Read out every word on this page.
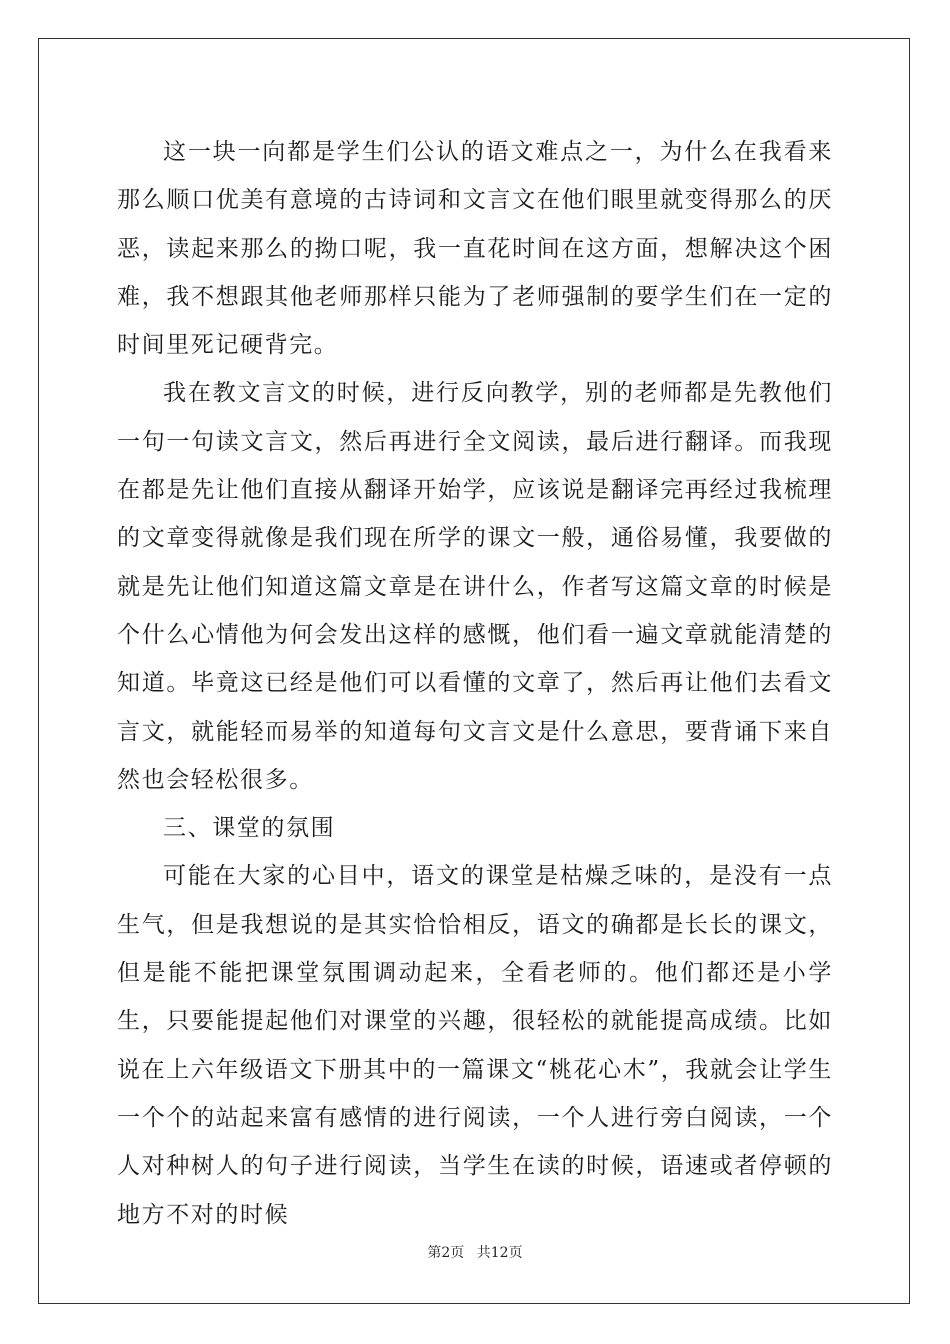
这一块一向都是学生们公认的语文难点之一，为什么在我看来那么顺口优美有意境的古诗词和文言文在他们眼里就变得那么的厌恶，读起来那么的拗口呢，我一直花时间在这方面，想解决这个困难，我不想跟其他老师那样只能为了老师强制的要学生们在一定的时间里死记硬背完。

我在教文言文的时候，进行反向教学，别的老师都是先教他们一句一句读文言文，然后再进行全文阅读，最后进行翻译。而我现在都是先让他们直接从翻译开始学，应该说是翻译完再经过我梳理的文章变得就像是我们现在所学的课文一般，通俗易懂，我要做的就是先让他们知道这篇文章是在讲什么，作者写这篇文章的时候是个什么心情他为何会发出这样的感慨，他们看一遍文章就能清楚的知道。毕竟这已经是他们可以看懂的文章了，然后再让他们去看文言文，就能轻而易举的知道每句文言文是什么意思，要背诵下来自然也会轻松很多。

三、课堂的氛围

可能在大家的心目中，语文的课堂是枯燥乏味的，是没有一点生气，但是我想说的是其实恰恰相反，语文的确都是长长的课文，但是能不能把课堂氛围调动起来，全看老师的。他们都还是小学生，只要能提起他们对课堂的兴趣，很轻松的就能提高成绩。比如说在上六年级语文下册其中的一篇课文“桃花心木”，我就会让学生一个个的站起来富有感情的进行阅读，一个人进行旁白阅读，一个人对种树人的句子进行阅读，当学生在读的时候，语速或者停顿的地方不对的时候

第2页 共12页
